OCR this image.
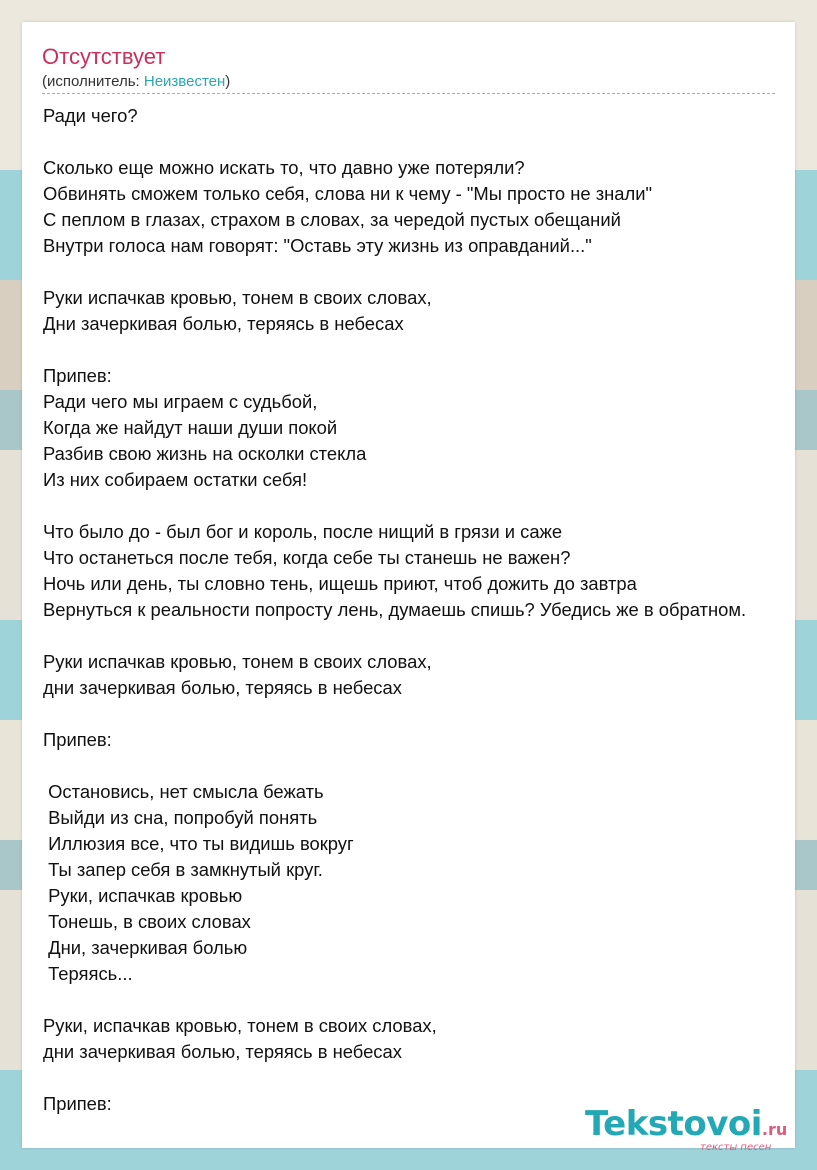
Отсутствует
(исполнитель: Неизвестен)
Ради чего?
Сколько еще можно искать то, что давно уже потеряли?
Обвинять сможем только себя, слова ни к чему - "Мы просто не знали"
С пеплом в глазах, страхом в словах, за чередой пустых обещаний
Внутри голоса нам говорят: "Оставь эту жизнь из оправданий..."
Руки испачкав кровью, тонем в своих словах,
Дни зачеркивая болью, теряясь в небесах
Припев:
Ради чего мы играем с судьбой,
Когда же найдут наши души покой
Разбив свою жизнь на осколки стекла
Из них собираем остатки себя!
Что было до - был бог и король, после нищий в грязи и саже
Что останеться после тебя, когда себе ты станешь не важен?
Ночь или день, ты словно тень, ищешь приют, чтоб дожить до завтра
Вернуться к реальности попросту лень, думаешь спишь? Убедись же в обратном.
Руки испачкав кровью, тонем в своих словах,
дни зачеркивая болью, теряясь в небесах
Припев:
Остановись, нет смысла бежать
Выйди из сна, попробуй понять
Иллюзия все, что ты видишь вокруг
Ты запер себя в замкнутый круг.
Руки, испачкав кровью
Тонешь, в своих словах
Дни, зачеркивая болью
Теряясь...
Руки, испачкав кровью, тонем в своих словах,
дни зачеркивая болью, теряясь в небесах
Припев:
Tekstovoi.ru
тексты песен
